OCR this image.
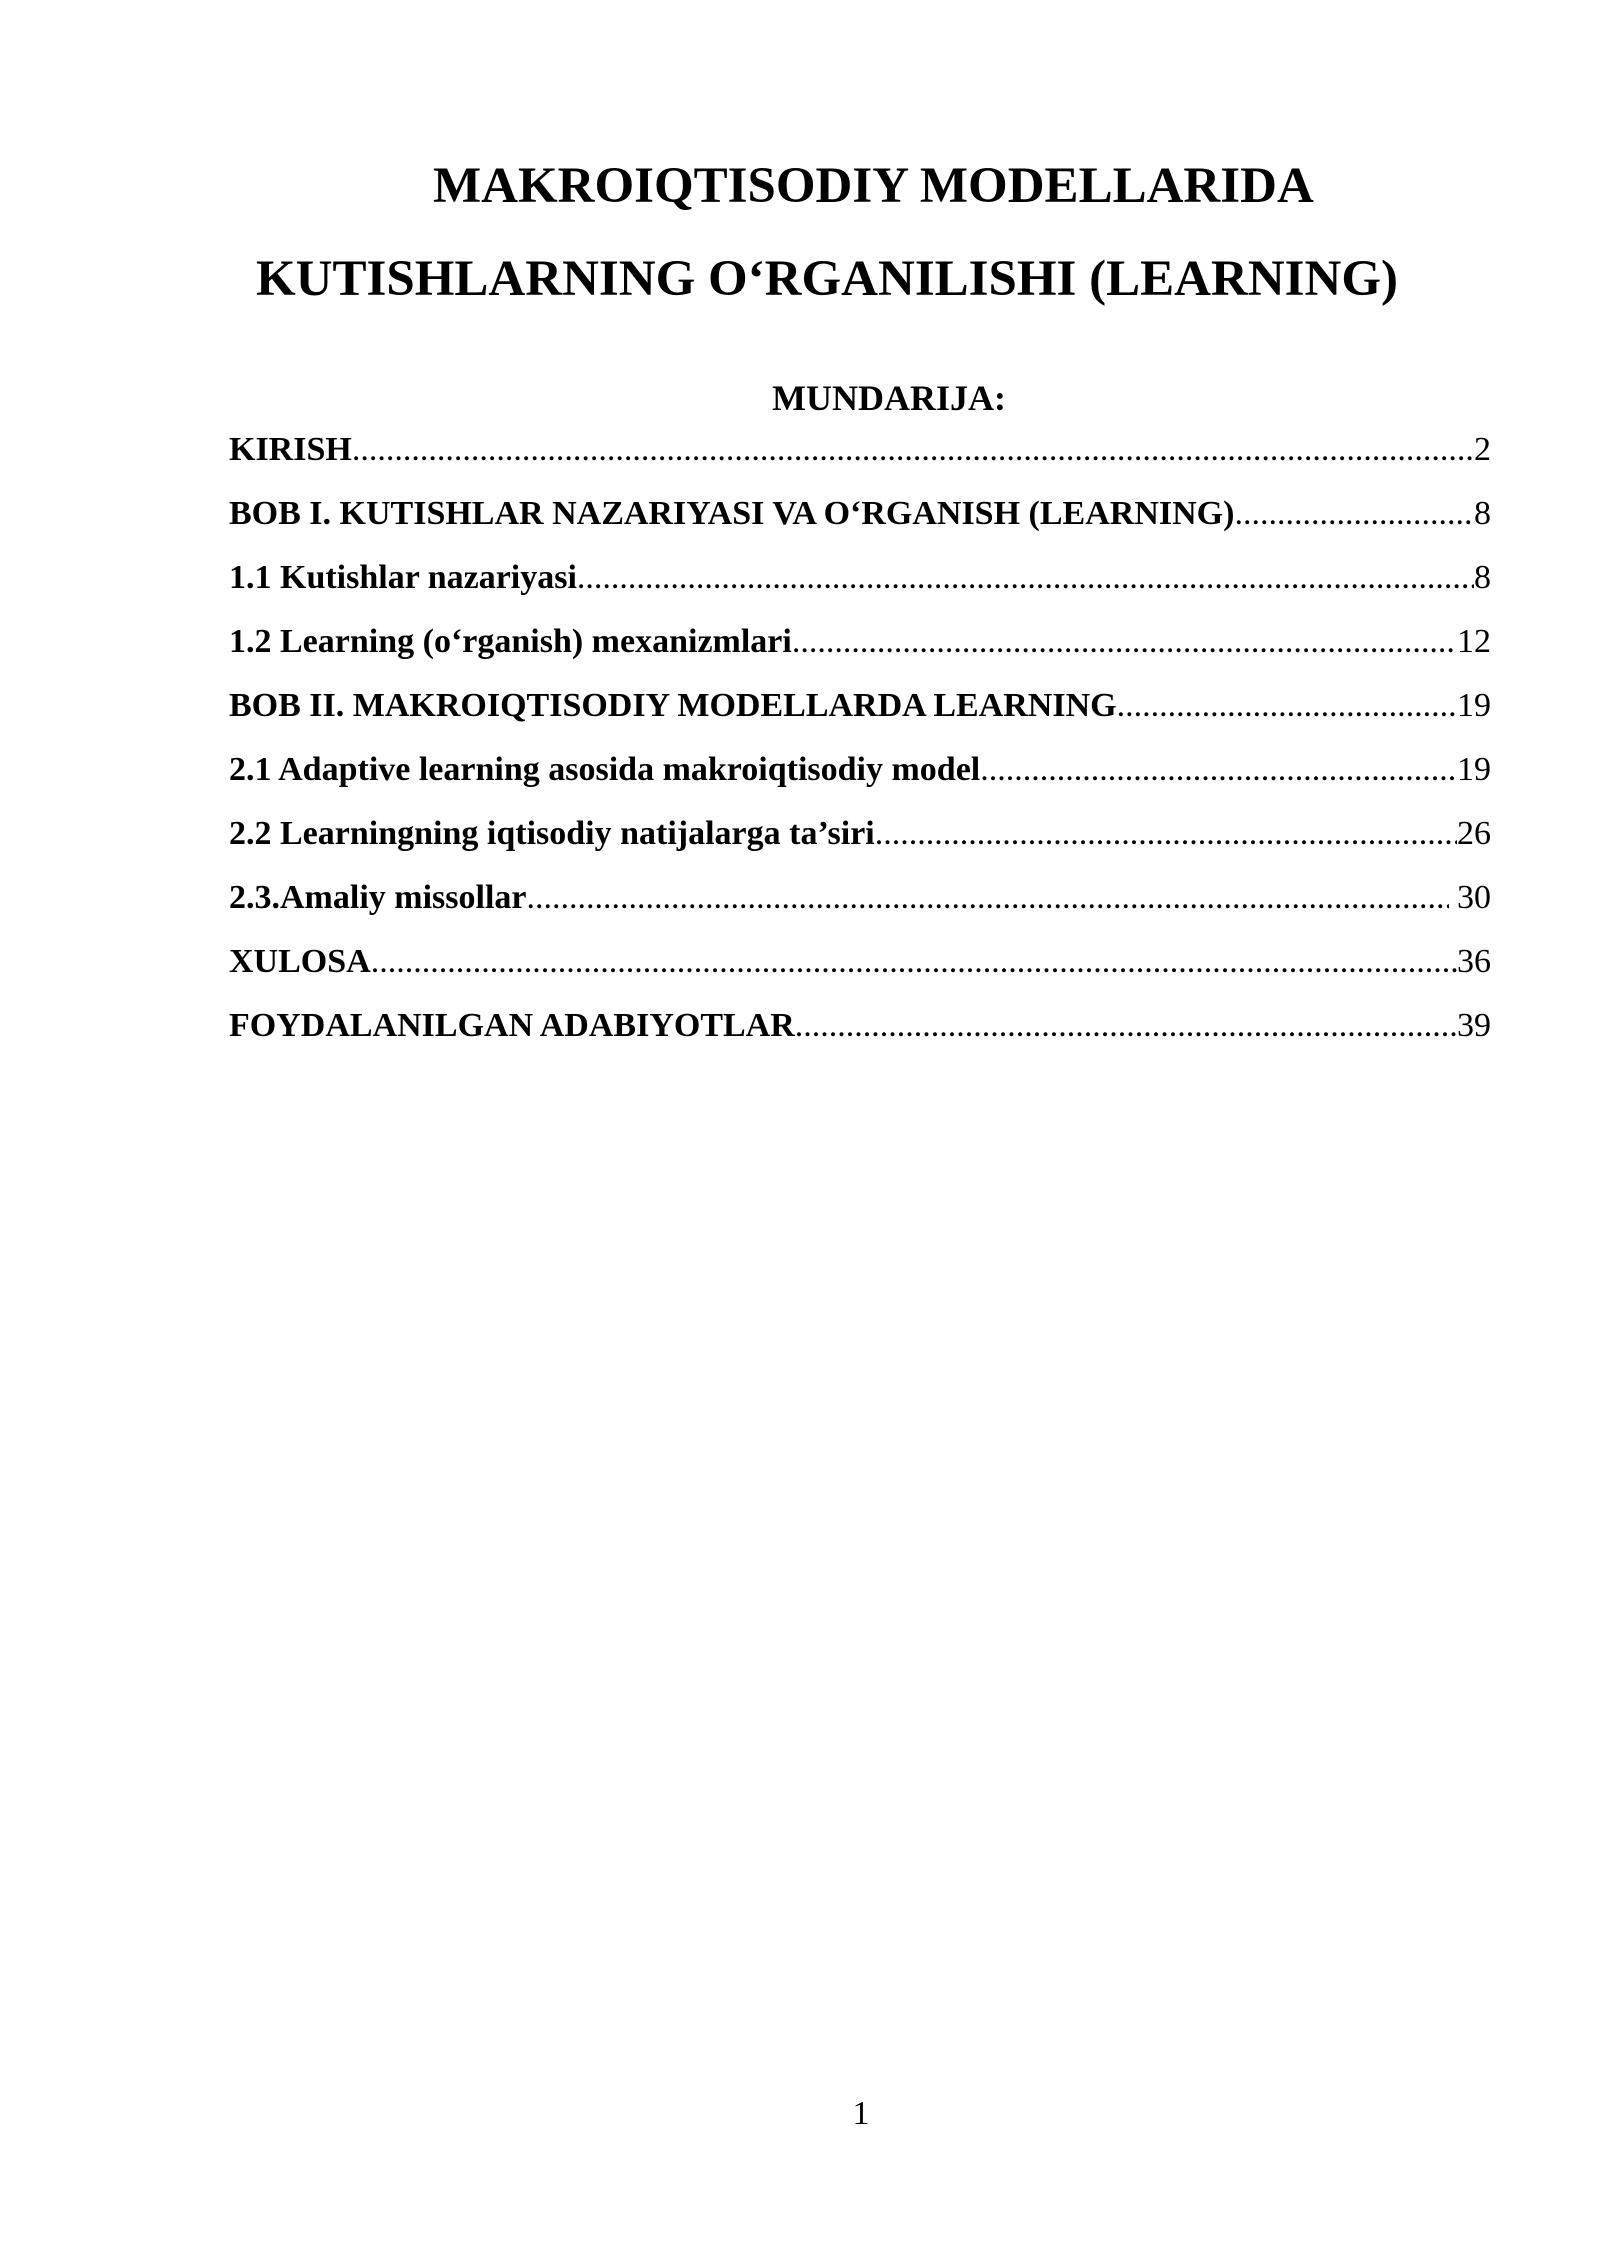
MAKROIQTISODIY MODELLARIDA
KUTISHLARNING O‘RGANILISHI (LEARNING)
MUNDARIJA:
KIRISH .....	2
BOB I. KUTISHLAR NAZARIYASI VA O‘RGANISH (LEARNING) .....	8
1.1 Kutishlar nazariyasi .....	8
1.2 Learning (o‘rganish) mexanizmlari .....	12
BOB II. MAKROIQTISODIY MODELLARDA LEARNING .....	19
2.1 Adaptive learning asosida makroiqtisodiy model .....	19
2.2 Learningning iqtisodiy natijalarga ta’siri .....	26
2.3.Amaliy missollar .....	30
XULOSA .....	36
FOYDALANILGAN ADABIYOTLAR .....	39
1
